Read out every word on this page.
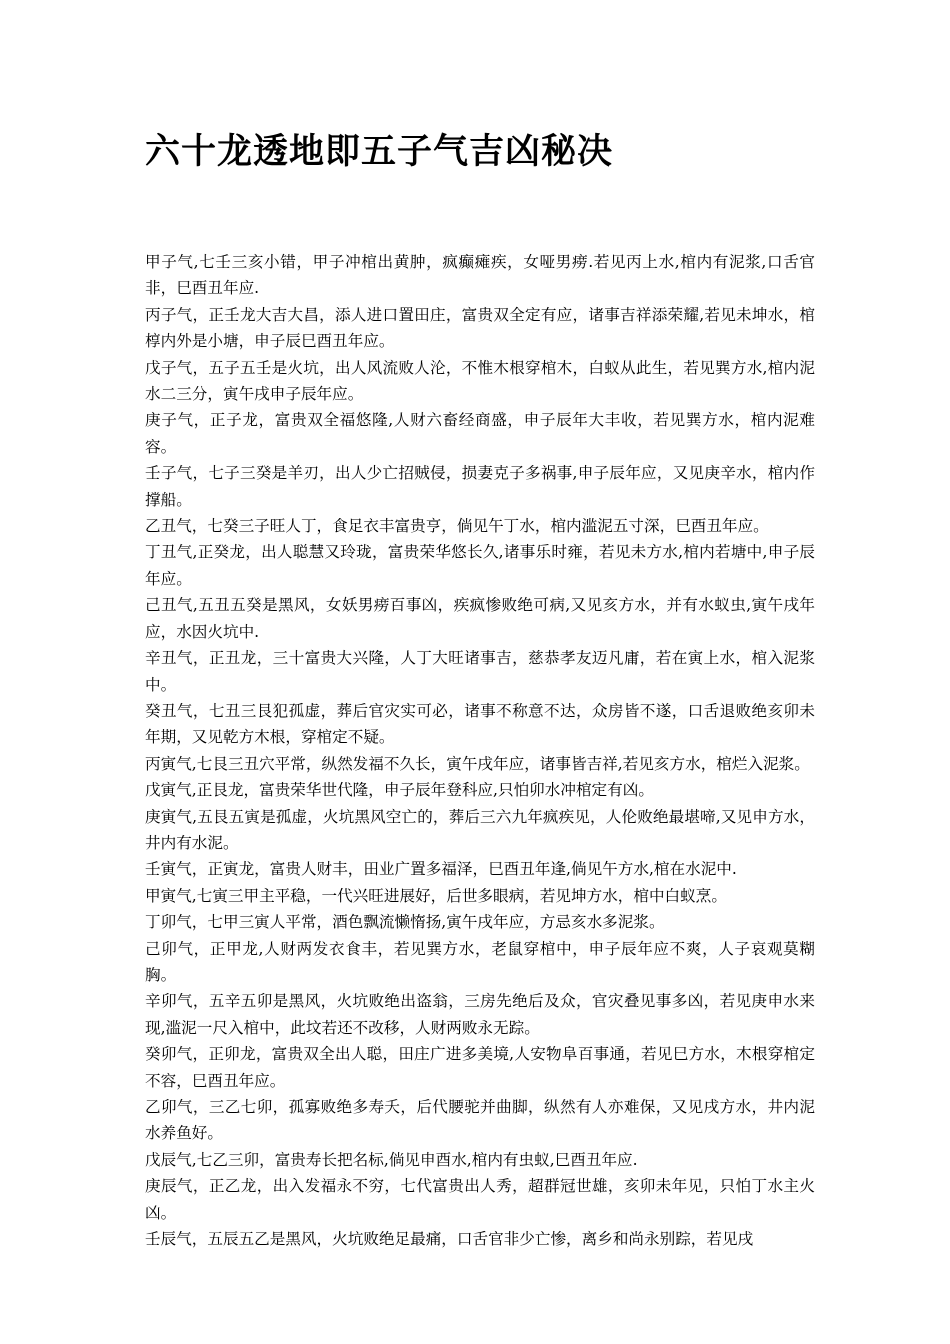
六十龙透地即五子气吉凶秘决

甲子气,七壬三亥小错，甲子冲棺出黄肿，疯癫瘫疾，女哑男痨.若见丙上水,棺内有泥浆,口舌官非，巳酉丑年应.

丙子气，正壬龙大吉大昌，添人进口置田庄，富贵双全定有应，诸事吉祥添荣耀,若见未坤水，棺椁内外是小塘，申子辰巳酉丑年应。

戊子气，五子五壬是火坑，出人风流败人沦，不惟木根穿棺木，白蚁从此生，若见巽方水,棺内泥水二三分，寅午戌申子辰年应。

庚子气，正子龙，富贵双全福悠隆,人财六畜经商盛，申子辰年大丰收，若见巽方水，棺内泥难容。

壬子气，七子三癸是羊刃，出人少亡招贼侵，损妻克子多祸事,申子辰年应，又见庚辛水，棺内作撑船。

乙丑气，七癸三子旺人丁，食足衣丰富贵亨，倘见午丁水，棺内滥泥五寸深，巳酉丑年应。

丁丑气,正癸龙，出人聪慧又玲珑，富贵荣华悠长久,诸事乐时雍，若见未方水,棺内若塘中,申子辰年应。

己丑气,五丑五癸是黑风，女妖男痨百事凶，疾疯惨败绝可病,又见亥方水，并有水蚁虫,寅午戌年应，水因火坑中.

辛丑气，正丑龙，三十富贵大兴隆，人丁大旺诸事吉，慈恭孝友迈凡庸，若在寅上水，棺入泥浆中。

癸丑气，七丑三艮犯孤虚，葬后官灾实可必，诸事不称意不达，众房皆不遂，口舌退败绝亥卯未年期，又见乾方木根，穿棺定不疑。

丙寅气,七艮三丑穴平常，纵然发福不久长，寅午戌年应，诸事皆吉祥,若见亥方水，棺烂入泥浆。

戊寅气,正艮龙，富贵荣华世代隆，申子辰年登科应,只怕卯水冲棺定有凶。

庚寅气,五艮五寅是孤虚，火坑黑风空亡的，葬后三六九年疯疾见，人伦败绝最堪啼,又见申方水，井内有水泥。

壬寅气，正寅龙，富贵人财丰，田业广置多福泽，巳酉丑年逢,倘见午方水,棺在水泥中.

甲寅气,七寅三甲主平稳，一代兴旺进展好，后世多眼病，若见坤方水，棺中白蚁烹。

丁卯气，七甲三寅人平常，酒色飘流懒惰扬,寅午戌年应，方忌亥水多泥浆。

己卯气，正甲龙,人财两发衣食丰，若见巽方水，老鼠穿棺中，申子辰年应不爽，人子哀观莫糊胸。

辛卯气，五辛五卯是黑风，火坑败绝出盗翁，三房先绝后及众，官灾叠见事多凶，若见庚申水来现,滥泥一尺入棺中，此坟若还不改移，人财两败永无踪。

癸卯气，正卯龙，富贵双全出人聪，田庄广进多美境,人安物阜百事通，若见巳方水，木根穿棺定不容，巳酉丑年应。

乙卯气，三乙七卯，孤寡败绝多寿夭，后代腰驼并曲脚，纵然有人亦难保，又见戌方水，井内泥水养鱼好。

戊辰气,七乙三卯，富贵寿长把名标,倘见申酉水,棺内有虫蚁,巳酉丑年应.

庚辰气，正乙龙，出入发福永不穷，七代富贵出人秀，超群冠世雄，亥卯未年见，只怕丁水主火凶。

壬辰气，五辰五乙是黑风，火坑败绝足最痛，口舌官非少亡惨，离乡和尚永别踪，若见戌
